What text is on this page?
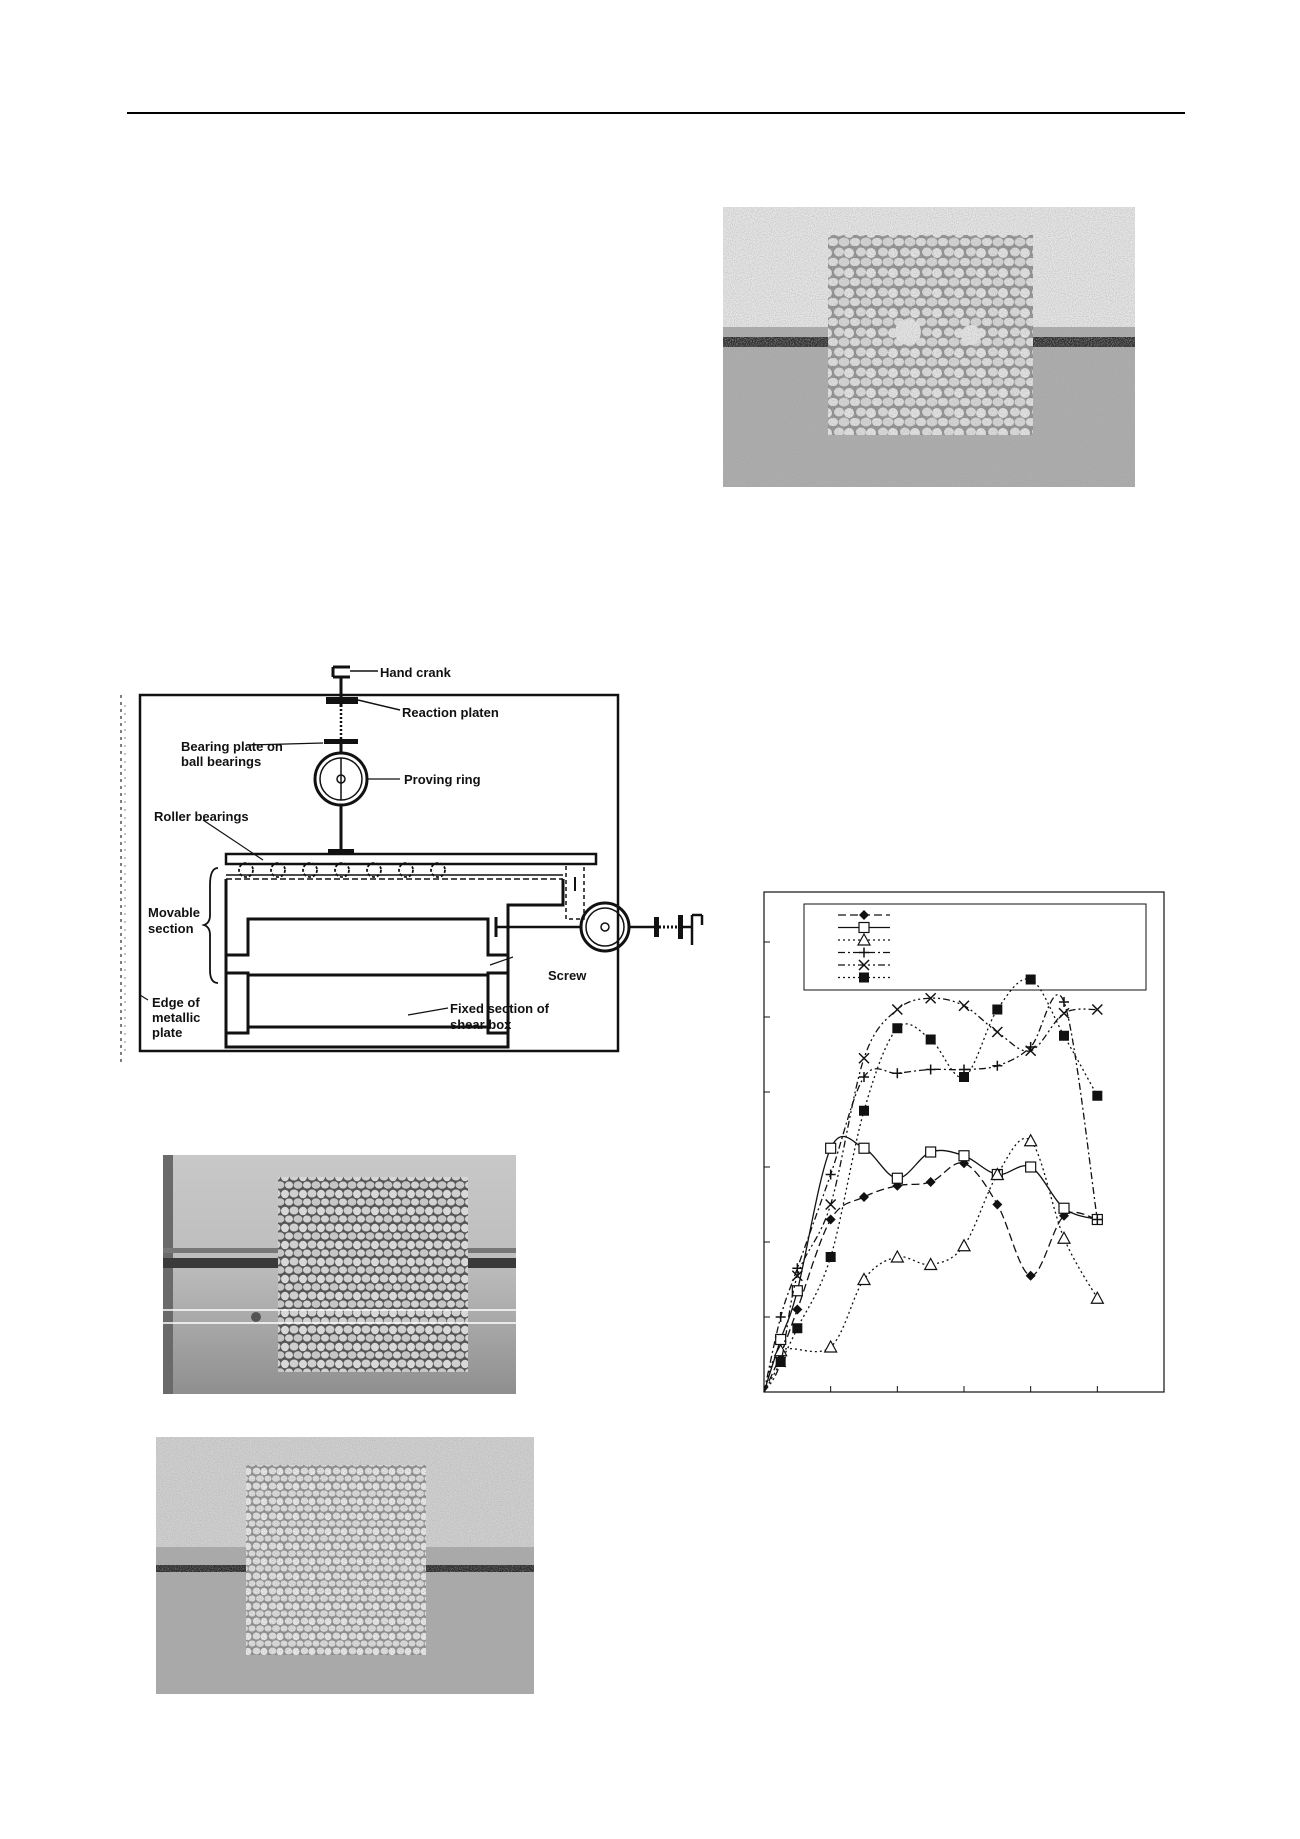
Hand crank
Reaction platen
Bearing plate on
ball bearings
Proving ring
Roller bearings
Movable
section
Screw
Edge of
metallic
plate
Fixed section of
shear box
